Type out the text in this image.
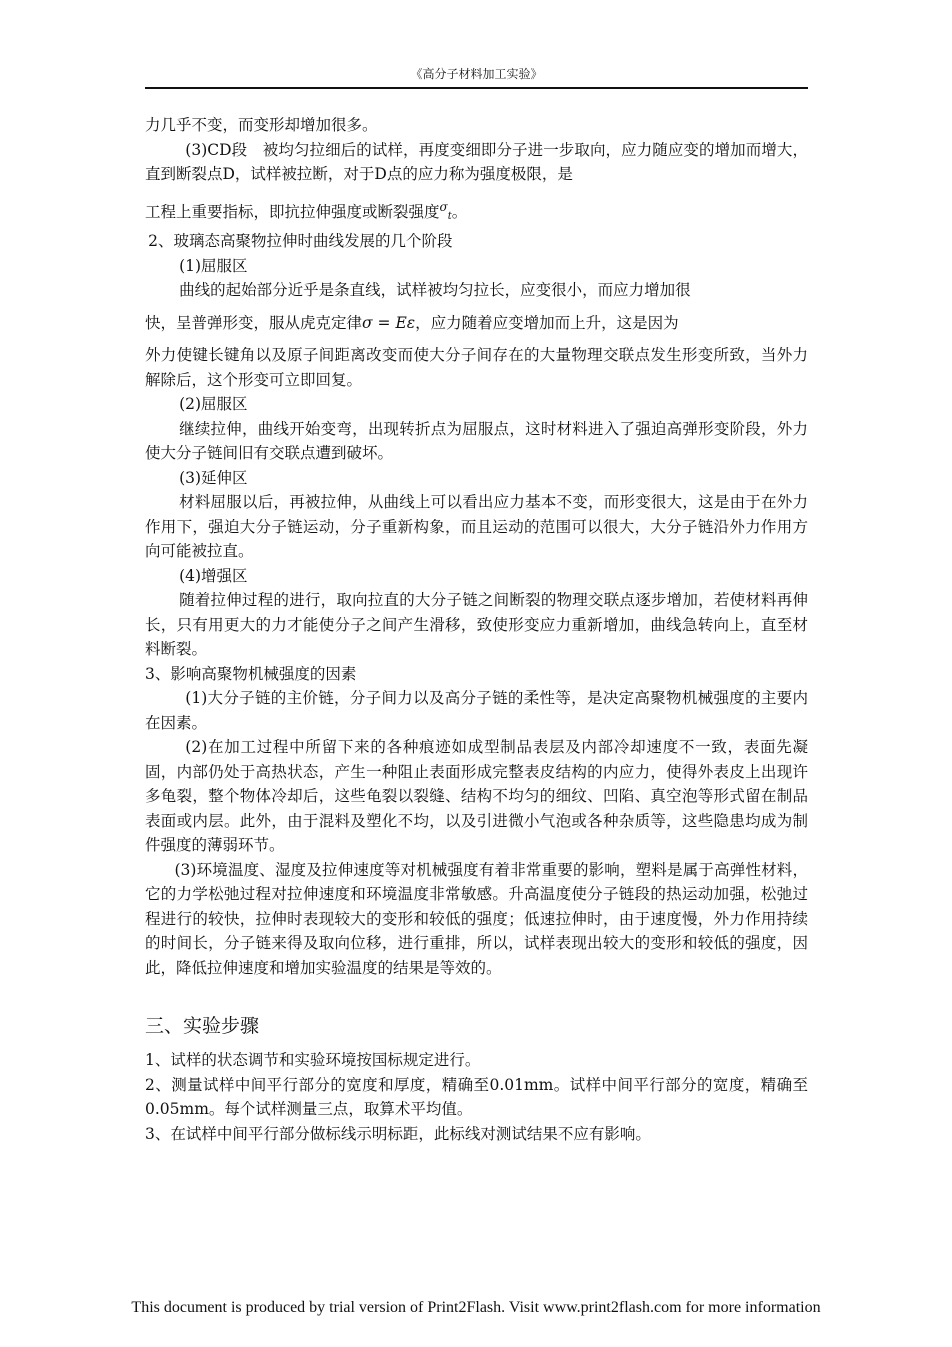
《高分子材料加工实验》
力几乎不变，而变形却增加很多。
(3)CD段　被均匀拉细后的试样，再度变细即分子进一步取向，应力随应变的增加而增大，直到断裂点D，试样被拉断，对于D点的应力称为强度极限，是
工程上重要指标，即抗拉伸强度或断裂强度$^\sigma_t$。
2、玻璃态高聚物拉伸时曲线发展的几个阶段
(1)屈服区
曲线的起始部分近乎是条直线，试样被均匀拉长，应变很小，而应力增加很
快，呈普弹形变，服从虎克定律σ = Eε，应力随着应变增加而上升，这是因为
外力使键长键角以及原子间距离改变而使大分子间存在的大量物理交联点发生形变所致，当外力解除后，这个形变可立即回复。
(2)屈服区
继续拉伸，曲线开始变弯，出现转折点为屈服点，这时材料进入了强迫高弹形变阶段，外力使大分子链间旧有交联点遭到破坏。
(3)延伸区
材料屈服以后，再被拉伸，从曲线上可以看出应力基本不变，而形变很大，这是由于在外力作用下，强迫大分子链运动，分子重新构象，而且运动的范围可以很大，大分子链沿外力作用方向可能被拉直。
(4)增强区
随着拉伸过程的进行，取向拉直的大分子链之间断裂的物理交联点逐步增加，若使材料再伸长，只有用更大的力才能使分子之间产生滑移，致使形变应力重新增加，曲线急转向上，直至材料断裂。
3、影响高聚物机械强度的因素
(1)大分子链的主价链，分子间力以及高分子链的柔性等，是决定高聚物机械强度的主要内在因素。
(2)在加工过程中所留下来的各种痕迹如成型制品表层及内部冷却速度不一致，表面先凝固，内部仍处于高热状态，产生一种阻止表面形成完整表皮结构的内应力，使得外表皮上出现许多龟裂，整个物体冷却后，这些龟裂以裂缝、结构不均匀的细纹、凹陷、真空泡等形式留在制品表面或内层。此外，由于混料及塑化不均，以及引进微小气泡或各种杂质等，这些隐患均成为制件强度的薄弱环节。
(3)环境温度、湿度及拉伸速度等对机械强度有着非常重要的影响，塑料是属于高弹性材料，它的力学松弛过程对拉伸速度和环境温度非常敏感。升高温度使分子链段的热运动加强，松弛过程进行的较快，拉伸时表现较大的变形和较低的强度；低速拉伸时，由于速度慢，外力作用持续的时间长，分子链来得及取向位移，进行重排，所以，试样表现出较大的变形和较低的强度，因此，降低拉伸速度和增加实验温度的结果是等效的。
三、实验步骤
1、试样的状态调节和实验环境按国标规定进行。
2、测量试样中间平行部分的宽度和厚度，精确至0.01mm。试样中间平行部分的宽度，精确至0.05mm。每个试样测量三点，取算术平均值。
3、在试样中间平行部分做标线示明标距，此标线对测试结果不应有影响。
This document is produced by trial version of Print2Flash. Visit www.print2flash.com for more information
